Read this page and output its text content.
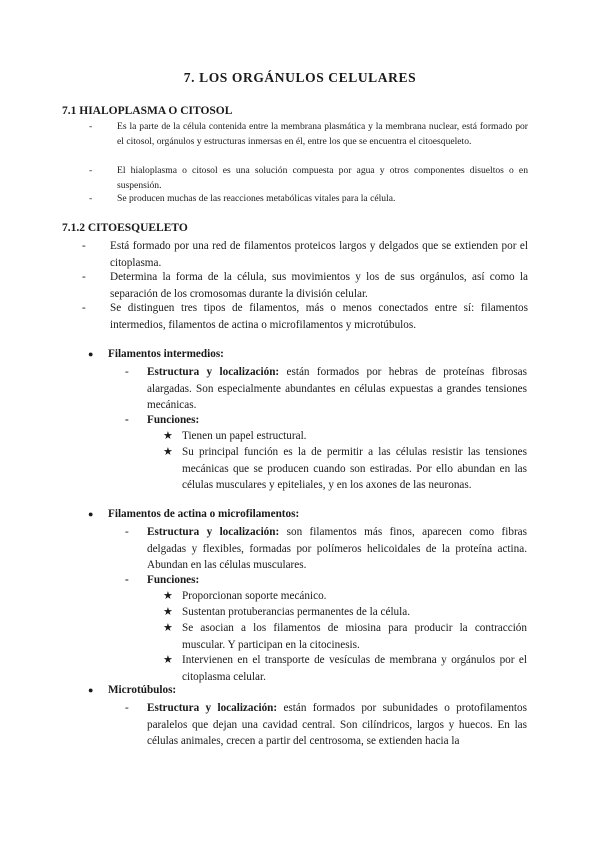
7. LOS ORGÁNULOS CELULARES
7.1 HIALOPLASMA O CITOSOL
- Es la parte de la célula contenida entre la membrana plasmática y la membrana nuclear, está formado por el citosol, orgánulos y estructuras inmersas en él, entre los que se encuentra el citoesqueleto.
- El hialoplasma o citosol es una solución compuesta por agua y otros componentes disueltos o en suspensión.
- Se producen muchas de las reacciones metabólicas vitales para la célula.
7.1.2 CITOESQUELETO
- Está formado por una red de filamentos proteicos largos y delgados que se extienden por el citoplasma.
- Determina la forma de la célula, sus movimientos y los de sus orgánulos, así como la separación de los cromosomas durante la división celular.
- Se distinguen tres tipos de filamentos, más o menos conectados entre sí: filamentos intermedios, filamentos de actina o microfilamentos y microtúbulos.
● Filamentos intermedios:
- Estructura y localización: están formados por hebras de proteínas fibrosas alargadas. Son especialmente abundantes en células expuestas a grandes tensiones mecánicas.
- Funciones:
★ Tienen un papel estructural.
★ Su principal función es la de permitir a las células resistir las tensiones mecánicas que se producen cuando son estiradas. Por ello abundan en las células musculares y epiteliales, y en los axones de las neuronas.
● Filamentos de actina o microfilamentos:
- Estructura y localización: son filamentos más finos, aparecen como fibras delgadas y flexibles, formadas por polímeros helicoidales de la proteína actina. Abundan en las células musculares.
- Funciones:
★ Proporcionan soporte mecánico.
★ Sustentan protuberancias permanentes de la célula.
★ Se asocian a los filamentos de miosina para producir la contracción muscular. Y participan en la citocinesis.
★ Intervienen en el transporte de vesículas de membrana y orgánulos por el citoplasma celular.
● Microtúbulos:
- Estructura y localización: están formados por subunidades o protofilamentos paralelos que dejan una cavidad central. Son cilíndricos, largos y huecos. En las células animales, crecen a partir del centrosoma, se extienden hacia la
